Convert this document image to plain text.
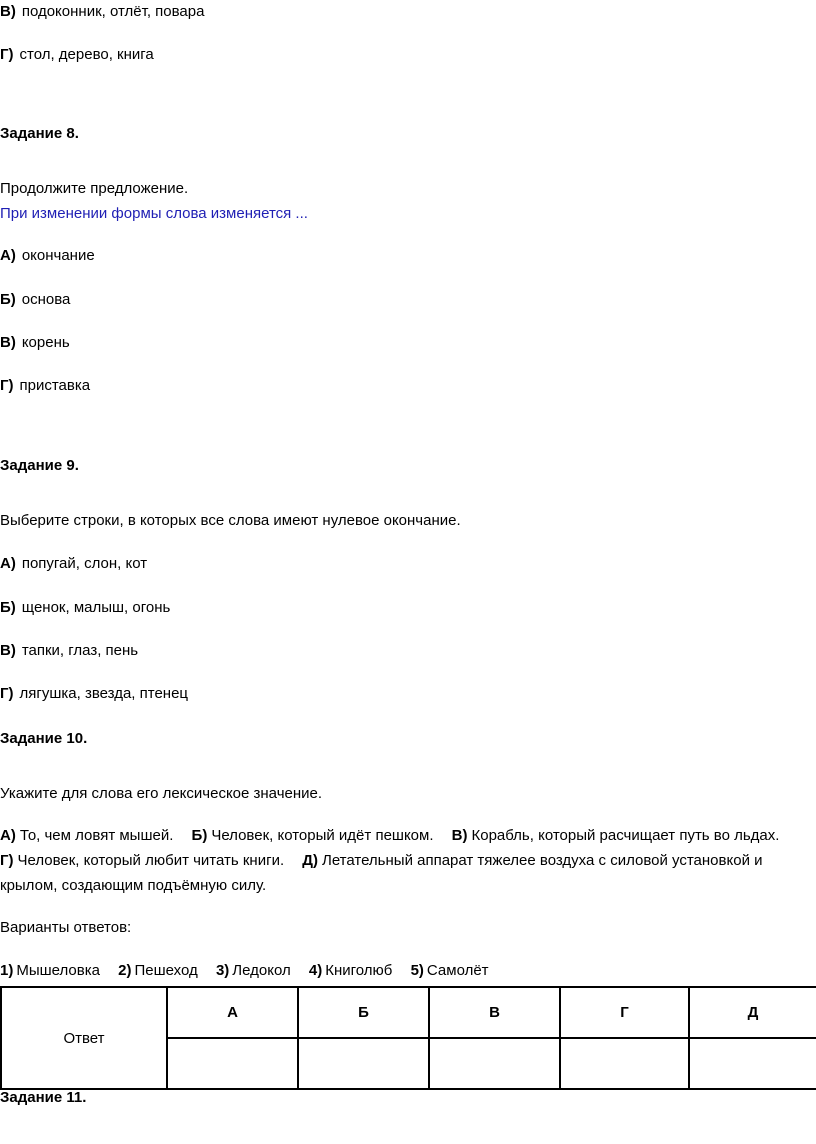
В) подоконник, отлёт, повара
Г) стол, дерево, книга
Задание 8.
Продолжите предложение.
При изменении формы слова изменяется ...
А) окончание
Б) основа
В) корень
Г) приставка
Задание 9.
Выберите строки, в которых все слова имеют нулевое окончание.
А) попугай, слон, кот
Б) щенок, малыш, огонь
В) тапки, глаз, пень
Г) лягушка, звезда, птенец
Задание 10.
Укажите для слова его лексическое значение.
А) То, чем ловят мышей. Б) Человек, который идёт пешком. В) Корабль, который расчищает путь во льдах. Г) Человек, который любит читать книги. Д) Летательный аппарат тяжелее воздуха с силовой установкой и крылом, создающим подъёмную силу.
Варианты ответов:
1) Мышеловка 2) Пешеход 3) Ледокол 4) Книголюб 5) Самолёт
Ответ	А	Б	В	Г	Д

Задание 11.
